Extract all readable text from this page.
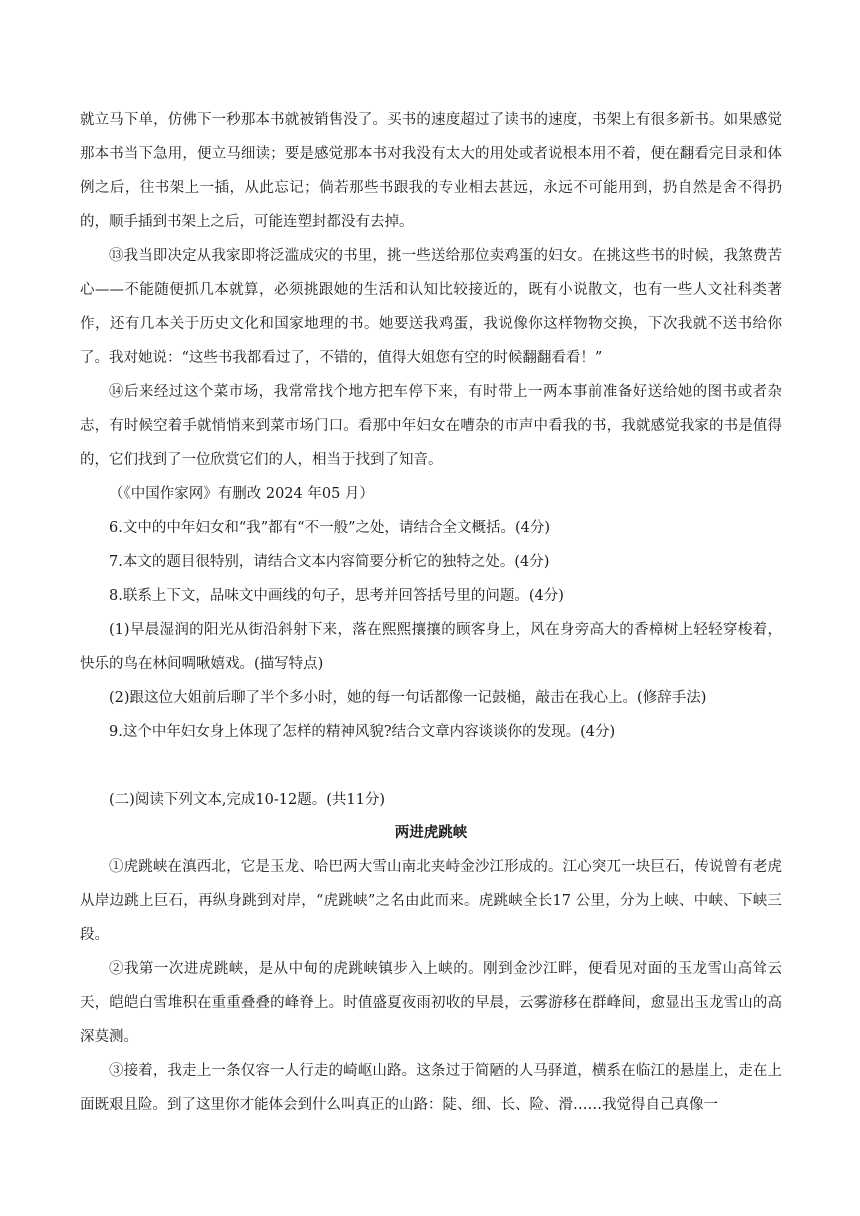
就立马下单，仿佛下一秒那本书就被销售没了。买书的速度超过了读书的速度，书架上有很多新书。如果感觉那本书当下急用，便立马细读；要是感觉那本书对我没有太大的用处或者说根本用不着，便在翻看完目录和体例之后，往书架上一插，从此忘记；倘若那些书跟我的专业相去甚远，永远不可能用到，扔自然是舍不得扔的，顺手插到书架上之后，可能连塑封都没有去掉。

⑬我当即决定从我家即将泛滥成灾的书里，挑一些送给那位卖鸡蛋的妇女。在挑这些书的时候，我煞费苦心——不能随便抓几本就算，必须挑跟她的生活和认知比较接近的，既有小说散文，也有一些人文社科类著作，还有几本关于历史文化和国家地理的书。她要送我鸡蛋，我说像你这样物物交换，下次我就不送书给你了。我对她说：“这些书我都看过了，不错的，值得大姐您有空的时候翻翻看看！”

⑭后来经过这个菜市场，我常常找个地方把车停下来，有时带上一两本事前准备好送给她的图书或者杂志，有时候空着手就悄悄来到菜市场门口。看那中年妇女在嘈杂的市声中看我的书，我就感觉我家的书是值得的，它们找到了一位欣赏它们的人，相当于找到了知音。

（《中国作家网》有删改 2024 年05 月）

6.文中的中年妇女和“我”都有“不一般”之处，请结合全文概括。(4分)

7.本文的题目很特别，请结合文本内容简要分析它的独特之处。(4分)

8.联系上下文，品味文中画线的句子，思考并回答括号里的问题。(4分)

(1)早晨湿润的阳光从街沿斜射下来，落在熙熙攘攘的顾客身上，风在身旁高大的香樟树上轻轻穿梭着，快乐的鸟在林间啁啾嬉戏。(描写特点)

(2)跟这位大姐前后聊了半个多小时，她的每一句话都像一记鼓槌，敲击在我心上。(修辞手法)

9.这个中年妇女身上体现了怎样的精神风貌?结合文章内容谈谈你的发现。(4分)

(二)阅读下列文本,完成10-12题。(共11分)

两进虎跳峡

①虎跳峡在滇西北，它是玉龙、哈巴两大雪山南北夹峙金沙江形成的。江心突兀一块巨石，传说曾有老虎从岸边跳上巨石，再纵身跳到对岸，“虎跳峡”之名由此而来。虎跳峡全长17 公里，分为上峡、中峡、下峡三段。

②我第一次进虎跳峡，是从中甸的虎跳峡镇步入上峡的。刚到金沙江畔，便看见对面的玉龙雪山高耸云天，皑皑白雪堆积在重重叠叠的峰脊上。时值盛夏夜雨初收的早晨，云雾游移在群峰间，愈显出玉龙雪山的高深莫测。

③接着，我走上一条仅容一人行走的崎岖山路。这条过于简陋的人马驿道，横系在临江的悬崖上，走在上面既艰且险。到了这里你才能体会到什么叫真正的山路：陡、细、长、险、滑……我觉得自己真像一
